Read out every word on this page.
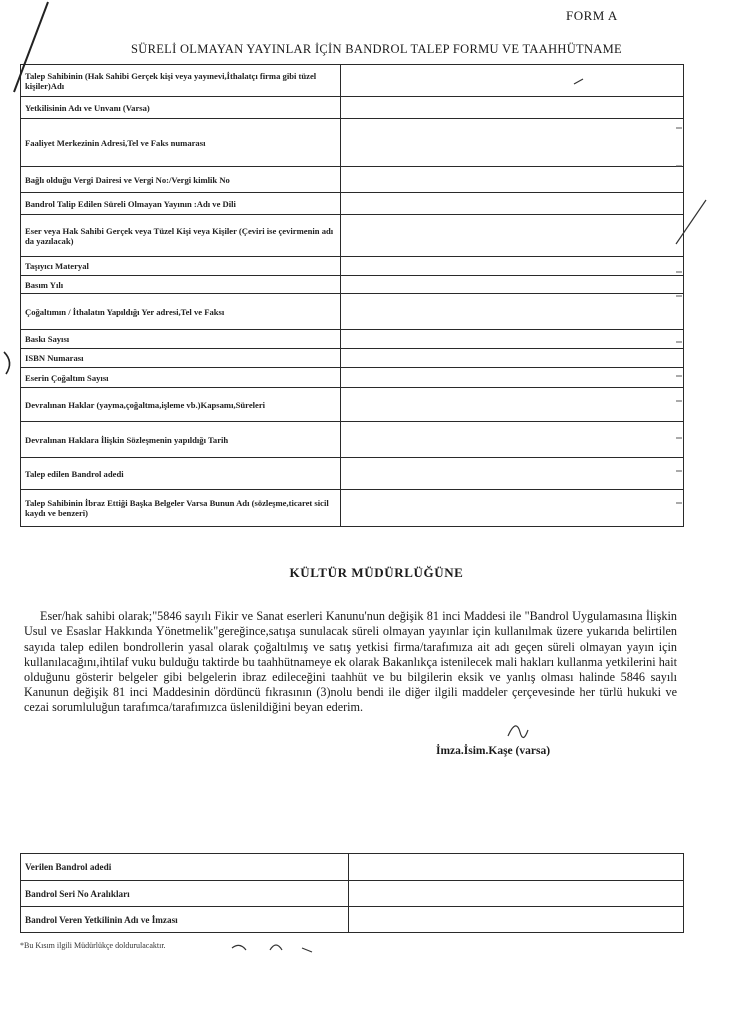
FORM A
SÜRELİ OLMAYAN YAYINLAR İÇİN BANDROL TALEP FORMU VE TAAHHÜTNAME
Talep Sahibinin (Hak Sahibi Gerçek kişi veya yayınevi,İthalatçı firma gibi tüzel kişiler)Adı	
Yetkilisinin Adı ve Unvanı (Varsa)	
Faaliyet Merkezinin Adresi,Tel ve Faks numarası	
Bağlı olduğu Vergi Dairesi ve Vergi No:/Vergi kimlik No	
Bandrol Talip Edilen Süreli Olmayan Yayının :Adı ve Dili	
Eser veya Hak Sahibi Gerçek veya Tüzel Kişi veya Kişiler (Çeviri ise çevirmenin adı da yazılacak)	
Taşıyıcı Materyal	
Basım Yılı	
Çoğaltımın / İthalatın Yapıldığı Yer adresi,Tel ve Faksı	
Baskı Sayısı	
ISBN Numarası	
Eserin Çoğaltım Sayısı	
Devralınan Haklar (yayma,çoğaltma,işleme vb.)Kapsamı,Süreleri	
Devralınan Haklara İlişkin Sözleşmenin yapıldığı Tarih	
Talep edilen Bandrol adedi	
Talep Sahibinin İbraz Ettiği Başka Belgeler Varsa Bunun Adı (sözleşme,ticaret sicil kaydı ve benzeri)	
KÜLTÜR MÜDÜRLÜĞÜNE

Eser/hak sahibi olarak;"5846 sayılı Fikir ve Sanat eserleri Kanunu'nun değişik 81 inci Maddesi ile "Bandrol Uygulamasına İlişkin Usul ve Esaslar Hakkında Yönetmelik"gereğince,satışa sunulacak süreli olmayan yayınlar için kullanılmak üzere yukarıda belirtilen sayıda talep edilen bondrollerin yasal olarak çoğaltılmış ve satış yetkisi firma/tarafımıza ait adı geçen süreli olmayan yayın için kullanılacağını,ihtilaf vuku bulduğu taktirde bu taahhütnameye ek olarak Bakanlıkça istenilecek mali hakları kullanma yetkilerini hait olduğunu gösterir belgeler gibi belgelerin ibraz edileceğini taahhüt ve bu bilgilerin eksik ve yanlış olması halinde 5846 sayılı Kanunun değişik 81 inci Maddesinin dördüncü fıkrasının (3)nolu bendi ile diğer ilgili maddeler çerçevesinde her türlü hukuki ve cezai sorumluluğun tarafımca/tarafımızca üslenildiğini beyan ederim.

İmza.İsim.Kaşe (varsa)
Verilen Bandrol adedi	
Bandrol Seri No Aralıkları	
Bandrol Veren Yetkilinin Adı ve İmzası	
*Bu Kısım ilgili Müdürlükçe doldurulacaktır.
